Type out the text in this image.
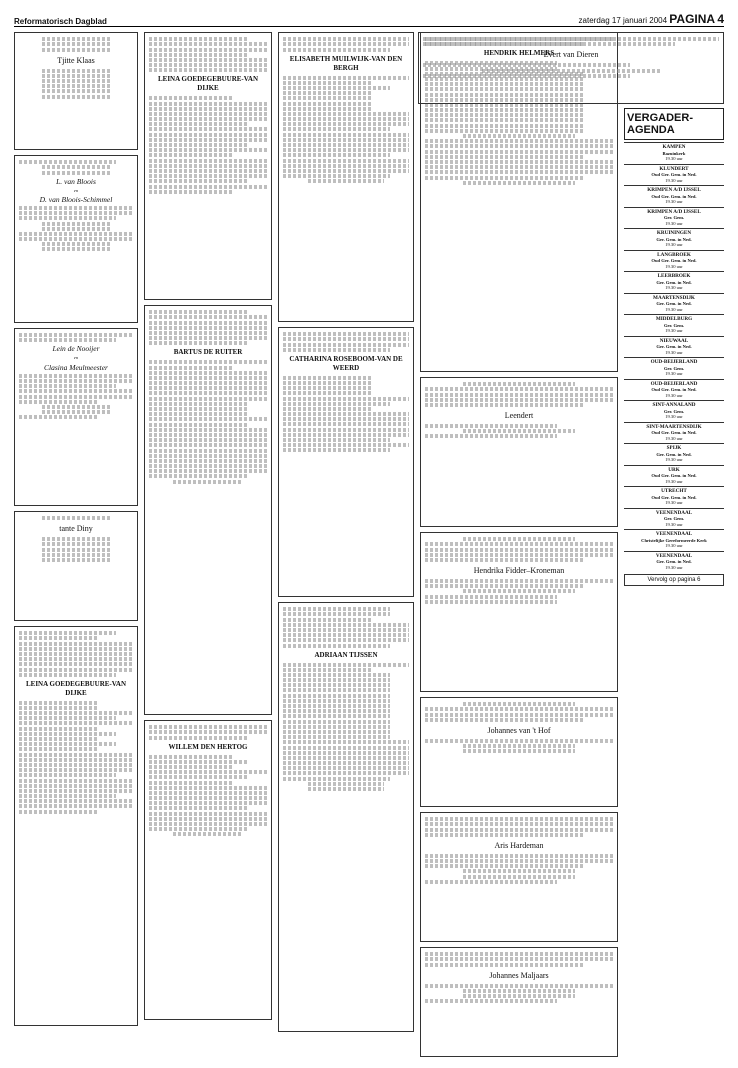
Reformatorisch Dagblad	zaterdag 17 januari 2004 PAGINA 4
Tjitte Klaas
L. van Bloois
en
D. van Bloois-Schimmel
Lein de Nooijer
en
Clasina Meulmeester
tante Diny
LEINA GOEDEGEBUURE-VAN DIJKE
LEINA GOEDEGEBUURE-VAN DIJKE
BARTUS DE RUITER
WILLEM DEN HERTOG
ELISABETH MUILWIJK-VAN DEN BERGH
CATHARINA ROSEBOOM-VAN DE WEERD
ADRIAAN TIJSSEN
HENDRIK HELMERS
Leendert
Hendrika Fidder–Kroneman
Johannes van 't Hof
Aris Hardeman
Johannes Maljaars
Evert van Dieren
VERGADER-AGENDA
KAMPEN
Bazuinkerk
19.30 uur
KLUNDERT
Oud Ger. Gem. in Ned.
19.30 uur
KRIMPEN A/D IJSSEL
Oud Ger. Gem. in Ned.
19.30 uur
KRIMPEN A/D IJSSEL
Ger. Gem.
19.30 uur
KRUININGEN
Ger. Gem. in Ned.
19.30 uur
LANGBROEK
Oud Ger. Gem. in Ned.
19.30 uur
LEERBROEK
Ger. Gem. in Ned.
19.30 uur
MAARTENSDIJK
Ger. Gem. in Ned.
19.30 uur
MIDDELBURG
Ger. Gem.
19.30 uur
NIEUWAAL
Ger. Gem. in Ned.
19.30 uur
OUD-BEIJERLAND
Ger. Gem.
19.30 uur
OUD-BEIJERLAND
Oud Ger. Gem. in Ned.
19.30 uur
SINT-ANNALAND
Ger. Gem.
19.30 uur
SINT-MAARTENSDIJK
Oud Ger. Gem. in Ned.
19.30 uur
SPIJK
Ger. Gem. in Ned.
19.30 uur
URK
Oud Ger. Gem. in Ned.
19.30 uur
UTRECHT
Oud Ger. Gem. in Ned.
19.30 uur
VEENENDAAL
Ger. Gem.
19.30 uur
VEENENDAAL
Christelijke Gereformeerde Kerk
19.30 uur
VEENENDAAL
Ger. Gem. in Ned.
19.30 uur
Vervolg op pagina 6
